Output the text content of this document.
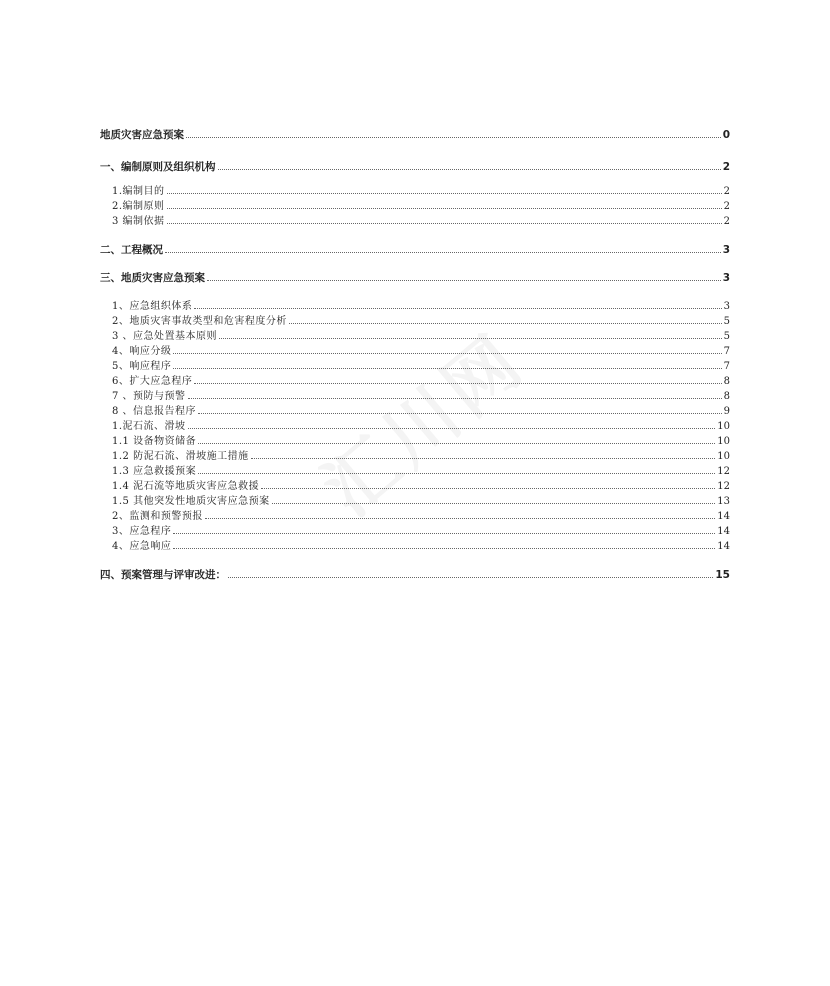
地质灾害应急预案	0
一、编制原则及组织机构	2
1.编制目的	2
2.编制原则	2
3 编制依据	2
二、工程概况	3
三、地质灾害应急预案	3
1、应急组织体系	3
2、地质灾害事故类型和危害程度分析	5
3 、应急处置基本原则	5
4、响应分级	7
5、响应程序	7
6、扩大应急程序	8
7 、预防与预警	8
8 、信息报告程序	9
1.泥石流、滑坡	10
1.1 设备物资储备	10
1.2 防泥石流、滑坡施工措施	10
1.3 应急救援预案	12
1.4 泥石流等地质灾害应急救援	12
1.5 其他突发性地质灾害应急预案	13
2、监测和预警预报	14
3、应急程序	14
4、应急响应	14
四、预案管理与评审改进：	15
